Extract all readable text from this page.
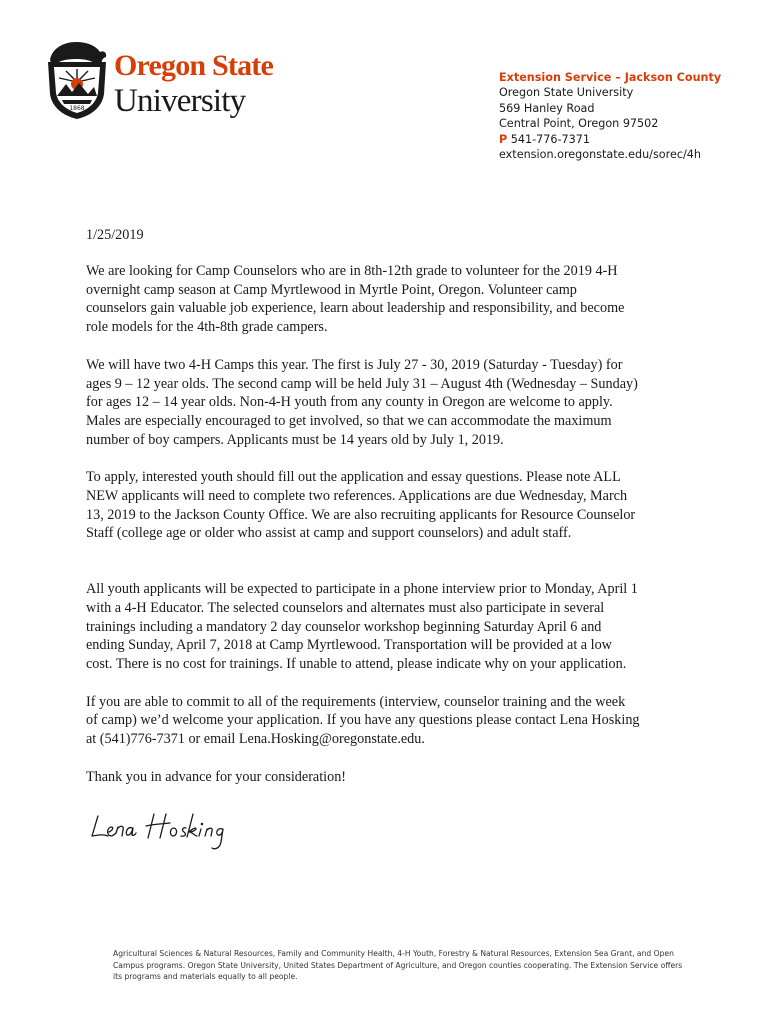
1868
Oregon State
University
Extension Service – Jackson County
Oregon State University
569 Hanley Road
Central Point, Oregon 97502
P 541-776-7371
extension.oregonstate.edu/sorec/4h
1/25/2019

We are looking for Camp Counselors who are in 8th-12th grade to volunteer for the 2019 4-H

overnight camp season at Camp Myrtlewood in Myrtle Point, Oregon. Volunteer camp

counselors gain valuable job experience, learn about leadership and responsibility, and become

role models for the 4th-8th grade campers.

We will have two 4-H Camps this year. The first is July 27 - 30, 2019 (Saturday - Tuesday) for

ages 9 – 12 year olds. The second camp will be held July 31 – August 4th (Wednesday – Sunday)

for ages 12 – 14 year olds. Non-4-H youth from any county in Oregon are welcome to apply.

Males are especially encouraged to get involved, so that we can accommodate the maximum

number of boy campers. Applicants must be 14 years old by July 1, 2019.

To apply, interested youth should fill out the application and essay questions. Please note ALL

NEW applicants will need to complete two references. Applications are due Wednesday, March

13, 2019 to the Jackson County Office. We are also recruiting applicants for Resource Counselor

Staff (college age or older who assist at camp and support counselors) and adult staff.

All youth applicants will be expected to participate in a phone interview prior to Monday, April 1

with a 4-H Educator. The selected counselors and alternates must also participate in several

trainings including a mandatory 2 day counselor workshop beginning Saturday April 6 and

ending Sunday, April 7, 2018 at Camp Myrtlewood. Transportation will be provided at a low

cost. There is no cost for trainings. If unable to attend, please indicate why on your application.

If you are able to commit to all of the requirements (interview, counselor training and the week

of camp) we’d welcome your application. If you have any questions please contact Lena Hosking

at (541)776-7371 or email Lena.Hosking@oregonstate.edu.

Thank you in advance for your consideration!

Agricultural Sciences & Natural Resources, Family and Community Health, 4-H Youth, Forestry & Natural Resources, Extension Sea Grant, and Open
Campus programs. Oregon State University, United States Department of Agriculture, and Oregon counties cooperating. The Extension Service offers
its programs and materials equally to all people.
